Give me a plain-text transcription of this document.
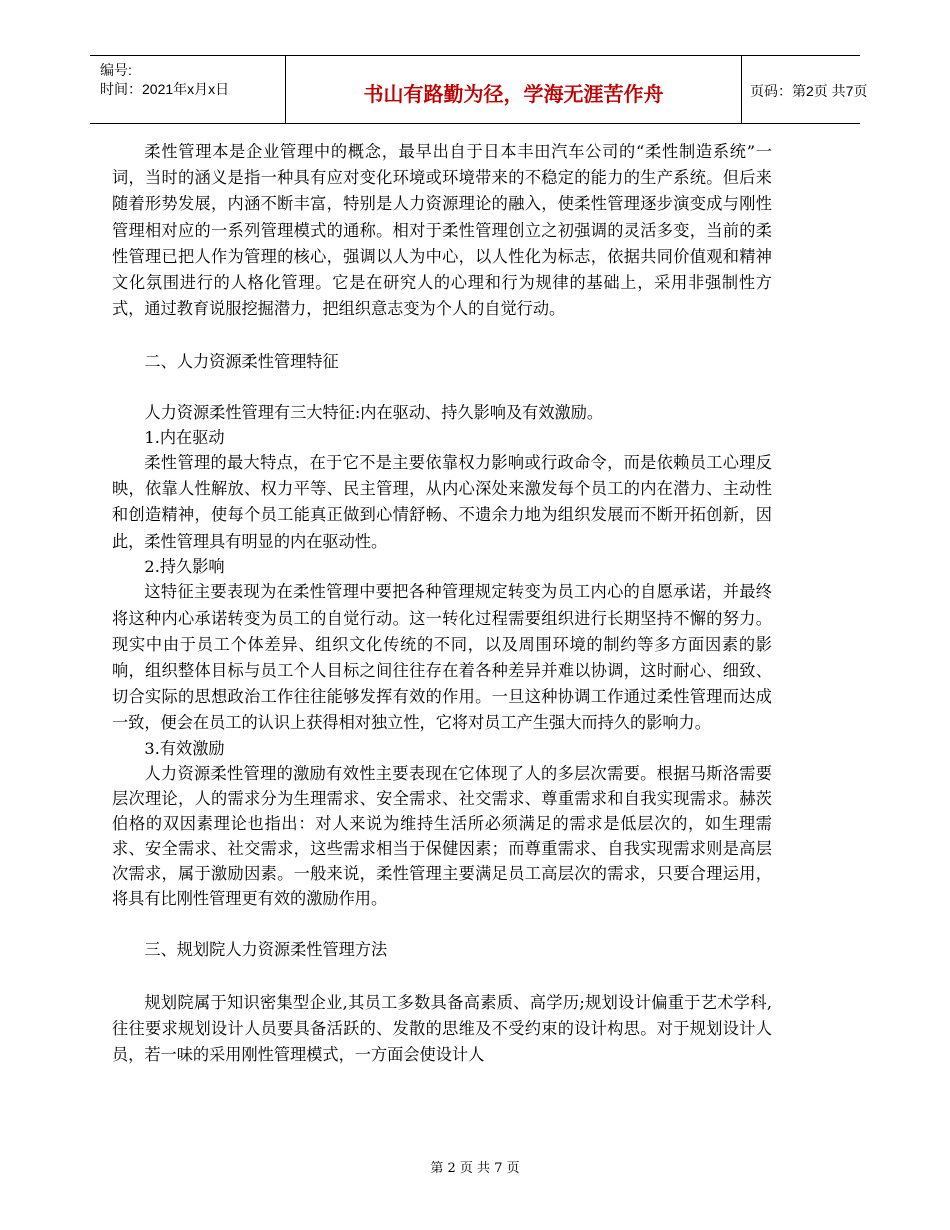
编号:
时间：2021年x月x日	书山有路勤为径，学海无涯苦作舟	页码：第2页 共7页

柔性管理本是企业管理中的概念，最早出自于日本丰田汽车公司的“柔性制造系统”一词，当时的涵义是指一种具有应对变化环境或环境带来的不稳定的能力的生产系统。但后来随着形势发展，内涵不断丰富，特别是人力资源理论的融入，使柔性管理逐步演变成与刚性管理相对应的一系列管理模式的通称。相对于柔性管理创立之初强调的灵活多变，当前的柔性管理已把人作为管理的核心，强调以人为中心，以人性化为标志，依据共同价值观和精神文化氛围进行的人格化管理。它是在研究人的心理和行为规律的基础上，采用非强制性方式，通过教育说服挖掘潜力，把组织意志变为个人的自觉行动。

二、人力资源柔性管理特征

人力资源柔性管理有三大特征:内在驱动、持久影响及有效激励。

1.内在驱动

柔性管理的最大特点，在于它不是主要依靠权力影响或行政命令，而是依赖员工心理反映，依靠人性解放、权力平等、民主管理，从内心深处来激发每个员工的内在潜力、主动性和创造精神，使每个员工能真正做到心情舒畅、不遗余力地为组织发展而不断开拓创新，因此，柔性管理具有明显的内在驱动性。

2.持久影响

这特征主要表现为在柔性管理中要把各种管理规定转变为员工内心的自愿承诺，并最终将这种内心承诺转变为员工的自觉行动。这一转化过程需要组织进行长期坚持不懈的努力。现实中由于员工个体差异、组织文化传统的不同，以及周围环境的制约等多方面因素的影响，组织整体目标与员工个人目标之间往往存在着各种差异并难以协调，这时耐心、细致、切合实际的思想政治工作往往能够发挥有效的作用。一旦这种协调工作通过柔性管理而达成一致，便会在员工的认识上获得相对独立性，它将对员工产生强大而持久的影响力。

3.有效激励

人力资源柔性管理的激励有效性主要表现在它体现了人的多层次需要。根据马斯洛需要层次理论，人的需求分为生理需求、安全需求、社交需求、尊重需求和自我实现需求。赫茨伯格的双因素理论也指出：对人来说为维持生活所必须满足的需求是低层次的，如生理需求、安全需求、社交需求，这些需求相当于保健因素；而尊重需求、自我实现需求则是高层次需求，属于激励因素。一般来说，柔性管理主要满足员工高层次的需求，只要合理运用，将具有比刚性管理更有效的激励作用。

三、规划院人力资源柔性管理方法

规划院属于知识密集型企业,其员工多数具备高素质、高学历;规划设计偏重于艺术学科,往往要求规划设计人员要具备活跃的、发散的思维及不受约束的设计构思。对于规划设计人员，若一味的采用刚性管理模式，一方面会使设计人

第 2 页 共 7 页
